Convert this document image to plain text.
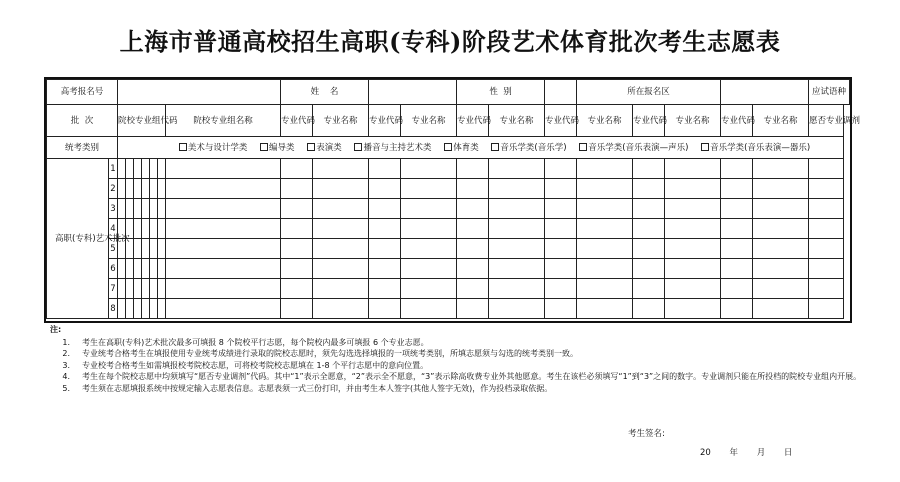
上海市普通高校招生高职(专科)阶段艺术体育批次考生志愿表
高考报名号									姓    名				性  别			所在报名区					应试语种
批  次		院校专业组代码						院校专业组名称	专业代码	专业名称	专业代码	专业名称	专业代码	专业名称	专业代码	专业名称	专业代码	专业名称	专业代码	专业名称	愿否专业调剂
统考类别		美术与设计学类 编导类 表演类 播音与主持艺术类 体育类 音乐学类(音乐学) 音乐学类(音乐表演—声乐) 音乐学类(音乐表演—器乐)																			
高职(专科)艺术批次	1																				
	2																				
	3																				
	4																				
	5																				
	6																				
	7																				
	8																				
注:
1.	考生在高职(专科)艺术批次最多可填报 8 个院校平行志愿，每个院校内最多可填报 6 个专业志愿。
2.	专业统考合格考生在填报使用专业统考成绩进行录取的院校志愿时，须先勾选选择填报的一项统考类别，所填志愿须与勾选的统考类别一致。
3.	专业校考合格考生如需填报校考院校志愿，可将校考院校志愿填在 1-8 个平行志愿中的意向位置。
4.	考生在每个院校志愿中均须填写“愿否专业调剂”代码。其中“1”表示全愿意，“2”表示全不愿意，“3”表示除高收费专业外其他愿意。考生在该栏必须填写“1”到“3”之间的数字。专业调剂只能在所投档的院校专业组内开展。
5.	考生须在志愿填报系统中按规定输入志愿表信息。志愿表须一式三份打印，并由考生本人签字(其他人签字无效)，作为投档录取依据。
考生签名:
20 年 月 日
